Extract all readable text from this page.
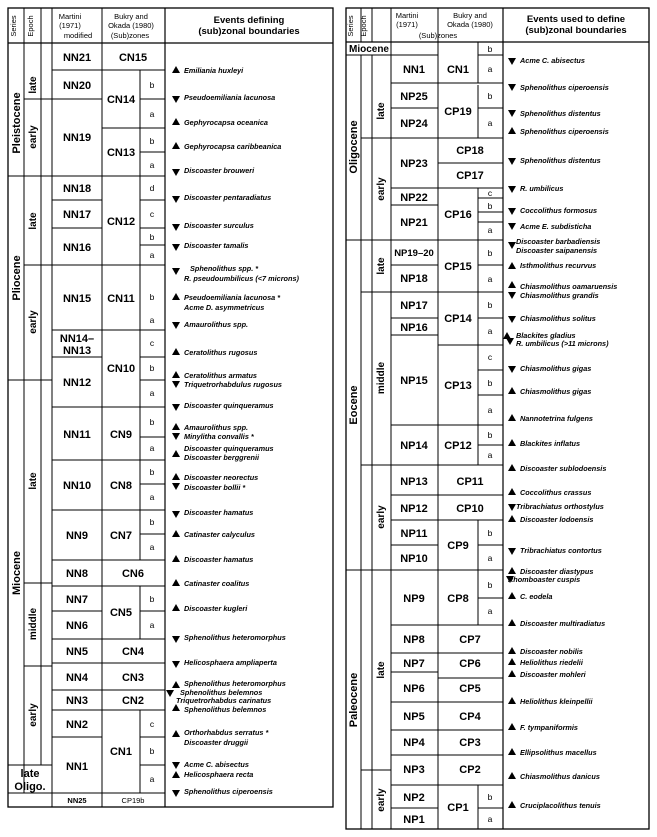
Series Epoch	Martini
(1971)
modified
Bukry and
Okada (1980)
(Sub)zones
Events defining
(sub)zonal boundaries
Pleistocene
Pliocene
Miocene
late
Oligo.
late
early
late
early
late
middle
early
NN21
NN20
NN19
NN18
NN17
NN16
NN15
NN14–
NN13
NN12
NN11
NN10
NN9
NN8
NN7
NN6
NN5
NN4
NN3
NN2
NN1
NN25
CN15
CN14
CN13
CN12
CN11
CN10
CN9
CN8
CN7
CN6
CN5
CN4
CN3
CN2
CN1
CP19b
b
a
b
a
d
c
b
a
b
a
c
b
a
b
a
b
a
b
a
b
a
c
b
a
Emiliania huxleyi
Pseudoemiliania lacunosa
Gephyrocapsa oceanica
Gephyrocapsa caribbeanica
Discoaster brouweri
Discoaster pentaradiatus
Discoaster surculus
Discoaster tamalis
Sphenolithus spp. *
R. pseudoumbilicus (<7 microns)
Pseudoemiliania lacunosa *
Acme D. asymmetricus
Amaurolithus spp.
Ceratolithus rugosus
Ceratolithus armatus
Triquetrorhabdulus rugosus
Discoaster quinqueramus
Amaurolithus spp.
Minylitha convallis *
Discoaster quinqueramus
Discoaster berggrenii
Discoaster neorectus
Discoaster bollii *
Discoaster hamatus
Catinaster calyculus
Discoaster hamatus
Catinaster coalitus
Discoaster kugleri
Sphenolithus heteromorphus
Helicosphaera ampliaperta
Sphenolithus heteromorphus
Sphenolithus belemnos
Triquetrorhabdus carinatus
Sphenolithus belemnos
Orthorhabdus serratus *
Discoaster druggii
Acme C. abisectus
Helicosphaera recta
Sphenolithus ciperoensis
Series Epoch	Martini
(1971)
Bukry and
Okada (1980)
(Sub)zones
Events used to define
(sub)zonal boundaries
Miocene
Oligocene
Eocene
Paleocene
late
early
late
middle
early
late
early
NN1
NP25
NP24
NP23
NP22
NP21
NP19–20
NP18
NP17
NP16
NP15
NP14
NP13
NP12
NP11
NP10
NP9
NP8
NP7
NP6
NP5
NP4
NP3
NP2
NP1
CN1
CP19
CP18
CP17
CP16
CP15
CP14
CP13
CP12
CP11
CP10
CP9
CP8
CP7
CP6
CP5
CP4
CP3
CP2
CP1
b
a
b
a
c
b
a
b
a
b
a
c
b
a
b
a
b
a
b
a
b
a
Acme C. abisectus
Sphenolithus ciperoensis
Sphenolithus distentus
Sphenolithus ciperoensis
Sphenolithus distentus
R. umbilicus
Coccolithus formosus
Acme E. subdisticha
Discoaster barbadiensis
Discoaster saipanensis
Isthmolithus recurvus
Chiasmolithus oamaruensis
Chiasmolithus grandis
Chiasmolithus solitus
Blackites gladius
R. umbilicus (>11 microns)
Chiasmolithus gigas
Chiasmolithus gigas
Nannotetrina fulgens
Blackites inflatus
Discoaster sublodoensis
Coccolithus crassus
Tribrachiatus orthostylus
Discoaster lodoensis
Tribrachiatus contortus
Discoaster diastypus
Rhomboaster cuspis
C. eodela
Discoaster multiradiatus
Discoaster nobilis
Heliolithus riedelii
Discoaster mohleri
Heliolithus kleinpellii
F. tympaniformis
Ellipsolithus macellus
Chiasmolithus danicus
Cruciplacolithus tenuis
